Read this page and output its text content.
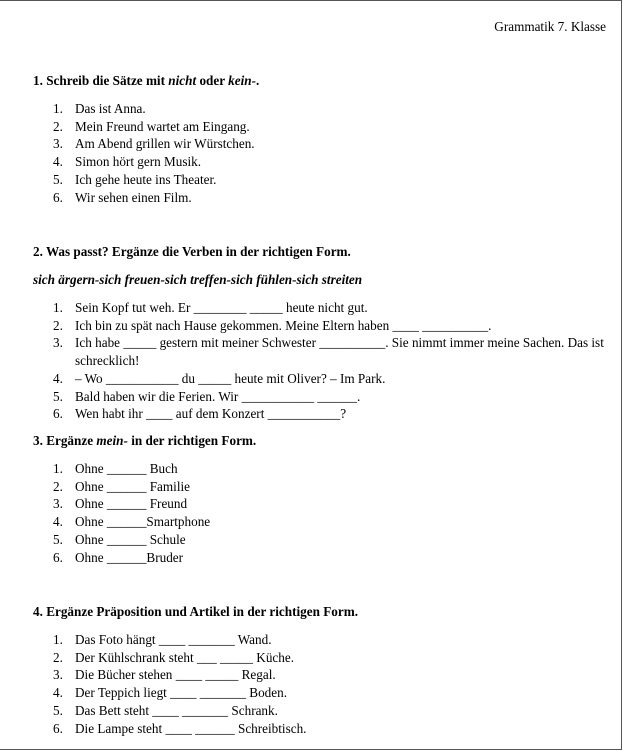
Grammatik 7. Klasse
1. Schreib die Sätze mit nicht oder kein-.
1. Das ist Anna.
2. Mein Freund wartet am Eingang.
3. Am Abend grillen wir Würstchen.
4. Simon hört gern Musik.
5. Ich gehe heute ins Theater.
6. Wir sehen einen Film.
2. Was passt? Ergänze die Verben in der richtigen Form.
sich ärgern-sich freuen-sich treffen-sich fühlen-sich streiten
1. Sein Kopf tut weh. Er ________ _____ heute nicht gut.
2. Ich bin zu spät nach Hause gekommen. Meine Eltern haben ____ __________.
3. Ich habe _____ gestern mit meiner Schwester __________. Sie nimmt immer meine Sachen. Das ist schrecklich!
4. – Wo ___________ du _____ heute mit Oliver? – Im Park.
5. Bald haben wir die Ferien. Wir ___________ ______.
6. Wen habt ihr ____ auf dem Konzert ___________?
3. Ergänze mein- in der richtigen Form.
1. Ohne ______ Buch
2. Ohne ______ Familie
3. Ohne ______ Freund
4. Ohne ______Smartphone
5. Ohne ______ Schule
6. Ohne ______Bruder
4. Ergänze Präposition und Artikel in der richtigen Form.
1. Das Foto hängt ____ _______ Wand.
2. Der Kühlschrank steht ___ _____ Küche.
3. Die Bücher stehen ____ _____ Regal.
4. Der Teppich liegt ____ _______ Boden.
5. Das Bett steht ____ _______ Schrank.
6. Die Lampe steht ____ ______ Schreibtisch.
